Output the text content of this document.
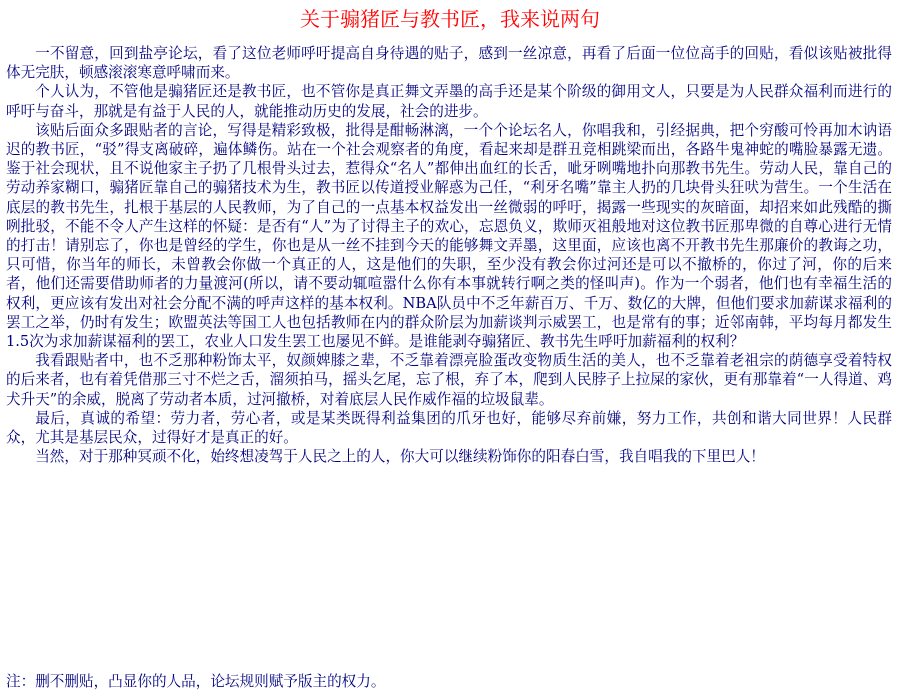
关于骟猪匠与教书匠，我来说两句

一不留意，回到盐亭论坛，看了这位老师呼吁提高自身待遇的贴子，感到一丝凉意，再看了后面一位位高手的回贴，看似该贴被批得体无完肤，顿感滚滚寒意呼啸而来。

个人认为，不管他是骟猪匠还是教书匠，也不管你是真正舞文弄墨的高手还是某个阶级的御用文人，只要是为人民群众福利而进行的呼吁与奋斗，那就是有益于人民的人，就能推动历史的发展，社会的进步。

该贴后面众多跟贴者的言论，写得是精彩致极，批得是酣畅淋漓，一个个论坛名人，你唱我和，引经据典，把个穷酸可怜再加木讷语迟的教书匠，“驳”得支离破碎，遍体鳞伤。站在一个社会观察者的角度，看起来却是群丑竞相跳梁而出，各路牛鬼神蛇的嘴脸暴露无遗。鉴于社会现状，且不说他家主子扔了几根骨头过去，惹得众“名人”都伸出血红的长舌，呲牙咧嘴地扑向那教书先生。劳动人民，靠自己的劳动养家糊口，骟猪匠靠自己的骟猪技术为生，教书匠以传道授业解惑为己任，“利牙名嘴”靠主人扔的几块骨头狂吠为营生。一个生活在底层的教书先生，扎根于基层的人民教师，为了自己的一点基本权益发出一丝微弱的呼吁，揭露一些现实的灰暗面，却招来如此残酷的撕咧批驳，不能不令人产生这样的怀疑：是否有“人”为了讨得主子的欢心，忘恩负义，欺师灭祖般地对这位教书匠那卑微的自尊心进行无情的打击！请别忘了，你也是曾经的学生，你也是从一丝不挂到今天的能够舞文弄墨，这里面，应该也离不开教书先生那廉价的教诲之功，只可惜，你当年的师长，未曾教会你做一个真正的人，这是他们的失职，至少没有教会你过河还是可以不撤桥的，你过了河，你的后来者，他们还需要借助师者的力量渡河(所以，请不要动辄喧嚣什么你有本事就转行啊之类的怪叫声)。作为一个弱者，他们也有幸福生活的权利，更应该有发出对社会分配不满的呼声这样的基本权利。NBA队员中不乏年薪百万、千万、数亿的大牌，但他们要求加薪谋求福利的罢工之举，仍时有发生；欧盟英法等国工人也包括教师在内的群众阶层为加薪谈判示威罢工，也是常有的事；近邻南韩，平均每月都发生1.5次为求加薪谋福利的罢工，农业人口发生罢工也屡见不鲜。是谁能剥夺骟猪匠、教书先生呼吁加薪福利的权利？

我看跟贴者中，也不乏那种粉饰太平，奴颜婢膝之辈，不乏靠着漂亮脸蛋改变物质生活的美人，也不乏靠着老祖宗的荫德享受着特权的后来者，也有着凭借那三寸不烂之舌，溜须拍马，摇头乞尾，忘了根，弃了本，爬到人民脖子上拉屎的家伙，更有那靠着“一人得道、鸡犬升天”的余威，脱离了劳动者本质，过河撤桥，对着底层人民作威作福的垃圾鼠辈。

最后，真诚的希望：劳力者，劳心者，或是某类既得利益集团的爪牙也好，能够尽弃前嫌，努力工作，共创和谐大同世界！人民群众，尤其是基层民众，过得好才是真正的好。

当然，对于那种冥顽不化，始终想凌驾于人民之上的人，你大可以继续粉饰你的阳春白雪，我自唱我的下里巴人！

注：删不删贴，凸显你的人品，论坛规则赋予版主的权力。
